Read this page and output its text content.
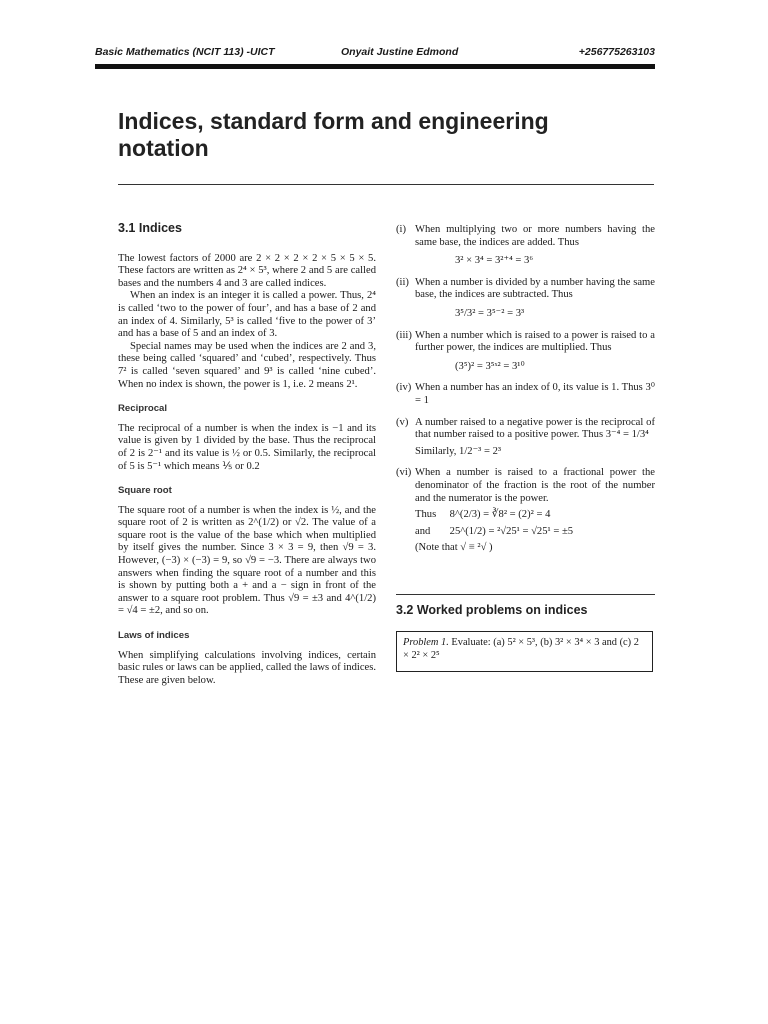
Basic Mathematics (NCIT 113) -UICT	Onyait Justine Edmond	+256775263103
Indices, standard form and engineering notation
3.1 Indices

The lowest factors of 2000 are 2 × 2 × 2 × 2 × 5 × 5 × 5. These factors are written as 2⁴ × 5³, where 2 and 5 are called bases and the numbers 4 and 3 are called indices.

When an index is an integer it is called a power. Thus, 2⁴ is called ‘two to the power of four’, and has a base of 2 and an index of 4. Similarly, 5³ is called ‘five to the power of 3’ and has a base of 5 and an index of 3.

Special names may be used when the indices are 2 and 3, these being called ‘squared’ and ‘cubed’, respectively. Thus 7² is called ‘seven squared’ and 9³ is called ‘nine cubed’. When no index is shown, the power is 1, i.e. 2 means 2¹.

Reciprocal

The reciprocal of a number is when the index is −1 and its value is given by 1 divided by the base. Thus the reciprocal of 2 is 2⁻¹ and its value is ½ or 0.5. Similarly, the reciprocal of 5 is 5⁻¹ which means ⅕ or 0.2

Square root

The square root of a number is when the index is ½, and the square root of 2 is written as 2^(1/2) or √2. The value of a square root is the value of the base which when multiplied by itself gives the number. Since 3 × 3 = 9, then √9 = 3. However, (−3) × (−3) = 9, so √9 = −3. There are always two answers when finding the square root of a number and this is shown by putting both a + and a − sign in front of the answer to a square root problem. Thus √9 = ±3 and 4^(1/2) = √4 = ±2, and so on.

Laws of indices

When simplifying calculations involving indices, certain basic rules or laws can be applied, called the laws of indices. These are given below.

(i) When multiplying two or more numbers having the same base, the indices are added. Thus

3² × 3⁴ = 3²⁺⁴ = 3⁶

(ii) When a number is divided by a number having the same base, the indices are subtracted. Thus

3⁵/3² = 3⁵⁻² = 3³

(iii) When a number which is raised to a power is raised to a further power, the indices are multiplied. Thus

(3⁵)² = 3⁵ˣ² = 3¹⁰

(iv) When a number has an index of 0, its value is 1. Thus 3⁰ = 1

(v) A number raised to a negative power is the reciprocal of that number raised to a positive power. Thus 3⁻⁴ = 1/3⁴

Similarly, 1/2⁻³ = 2³

(vi) When a number is raised to a fractional power the denominator of the fraction is the root of the number and the numerator is the power.

Thus 8^(2/3) = ∛8² = (2)² = 4

and 25^(1/2) = ²√25¹ = √25¹ = ±5

(Note that √ ≡ ²√ )

3.2 Worked problems on indices
Problem 1. Evaluate: (a) 5² × 5³, (b) 3² × 3⁴ × 3 and (c) 2 × 2² × 2⁵
